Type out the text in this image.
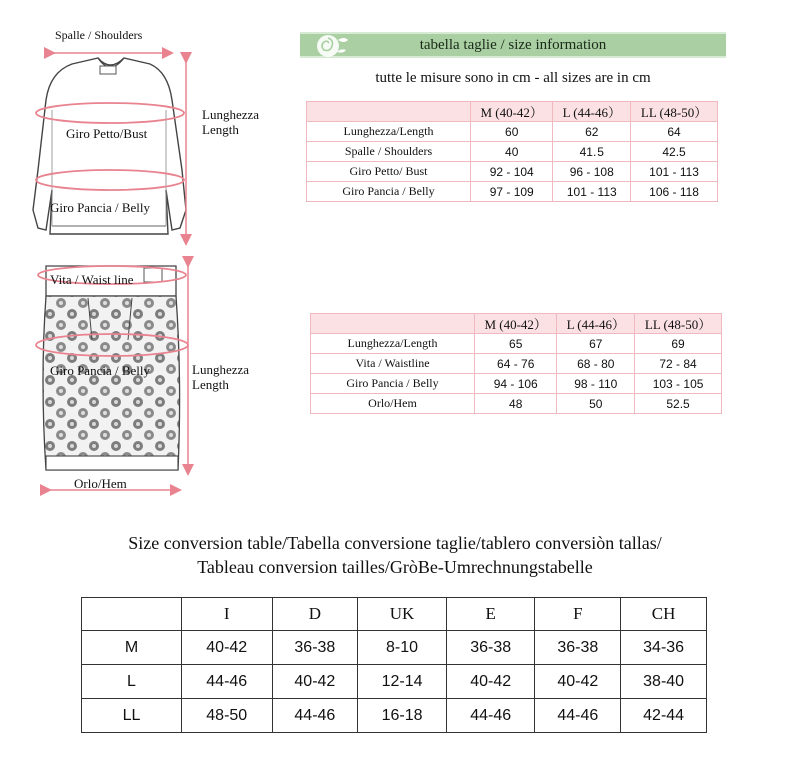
Spalle / Shoulders
Giro Petto/Bust
Giro Pancia / Belly
Lunghezza
Length
Vita / Waist line
Giro Pancia / Belly
Orlo/Hem
Lunghezza
Length
tabella taglie / size information
tutte le misure sono in cm - all sizes are in cm
	M (40-42）	L (44-46）	LL (48-50）
Lunghezza/Length	60	62	64
Spalle / Shoulders	40	41. 5	42.5
Giro Petto/ Bust	92 - 104	96 - 108	101 - 113
Giro Pancia / Belly	97 - 109	101 - 113	106 - 118
	M (40-42）	L (44-46）	LL (48-50）
Lunghezza/Length	65	67	69
Vita / Waistline	64 - 76	68 - 80	72 - 84
Giro Pancia / Belly	94 - 106	98 - 110	103 - 105
Orlo/Hem	48	50	52.5
Size conversion table/Tabella conversione taglie/tablero conversiòn tallas/
Tableau conversion tailles/GròBe-Umrechnungstabelle
	I	D	UK	E	F	CH
M	40-42	36-38	8-10	36-38	36-38	34-36
L	44-46	40-42	12-14	40-42	40-42	38-40
LL	48-50	44-46	16-18	44-46	44-46	42-44
